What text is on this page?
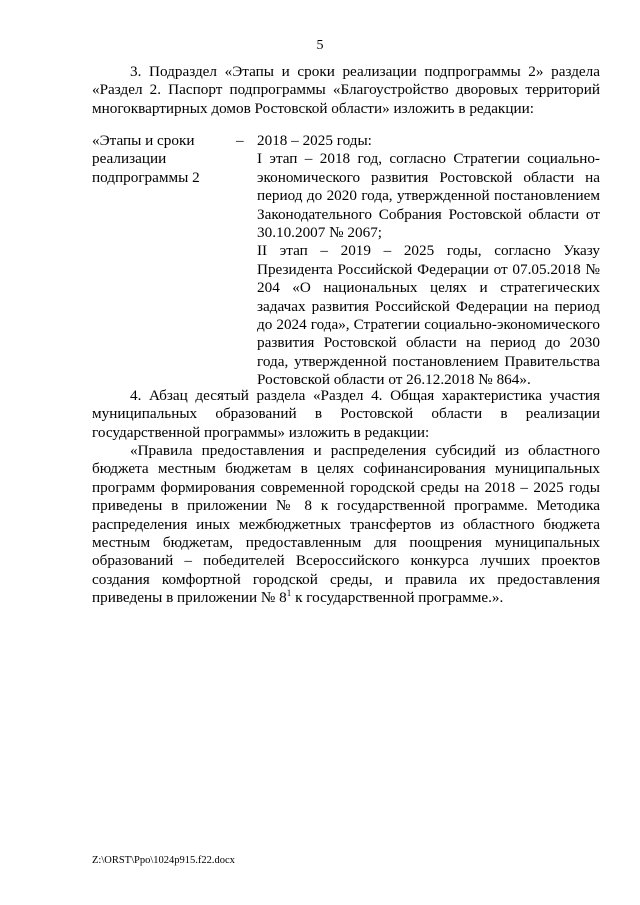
5
3. Подраздел «Этапы и сроки реализации подпрограммы 2» раздела «Раздел 2. Паспорт подпрограммы «Благоустройство дворовых территорий многоквартирных домов Ростовской области» изложить в редакции:
«Этапы и сроки реализации подпрограммы 2
– 2018 – 2025 годы:
I этап – 2018 год, согласно Стратегии социально-экономического развития Ростовской области на период до 2020 года, утвержденной постановлением Законодательного Собрания Ростовской области от 30.10.2007 № 2067;
II этап – 2019 – 2025 годы, согласно Указу Президента Российской Федерации от 07.05.2018 № 204 «О национальных целях и стратегических задачах развития Российской Федерации на период до 2024 года», Стратегии социально-экономического развития Ростовской области на период до 2030 года, утвержденной постановлением Правительства Ростовской области от 26.12.2018 № 864».
4. Абзац десятый раздела «Раздел 4. Общая характеристика участия муниципальных образований в Ростовской области в реализации государственной программы» изложить в редакции:
«Правила предоставления и распределения субсидий из областного бюджета местным бюджетам в целях софинансирования муниципальных программ формирования современной городской среды на 2018 – 2025 годы приведены в приложении № 8 к государственной программе. Методика распределения иных межбюджетных трансфертов из областного бюджета местным бюджетам, предоставленным для поощрения муниципальных образований – победителей Всероссийского конкурса лучших проектов создания комфортной городской среды, и правила их предоставления приведены в приложении № $8^1$ к государственной программе.».
Z:\ORST\Ppo\1024p915.f22.docx
